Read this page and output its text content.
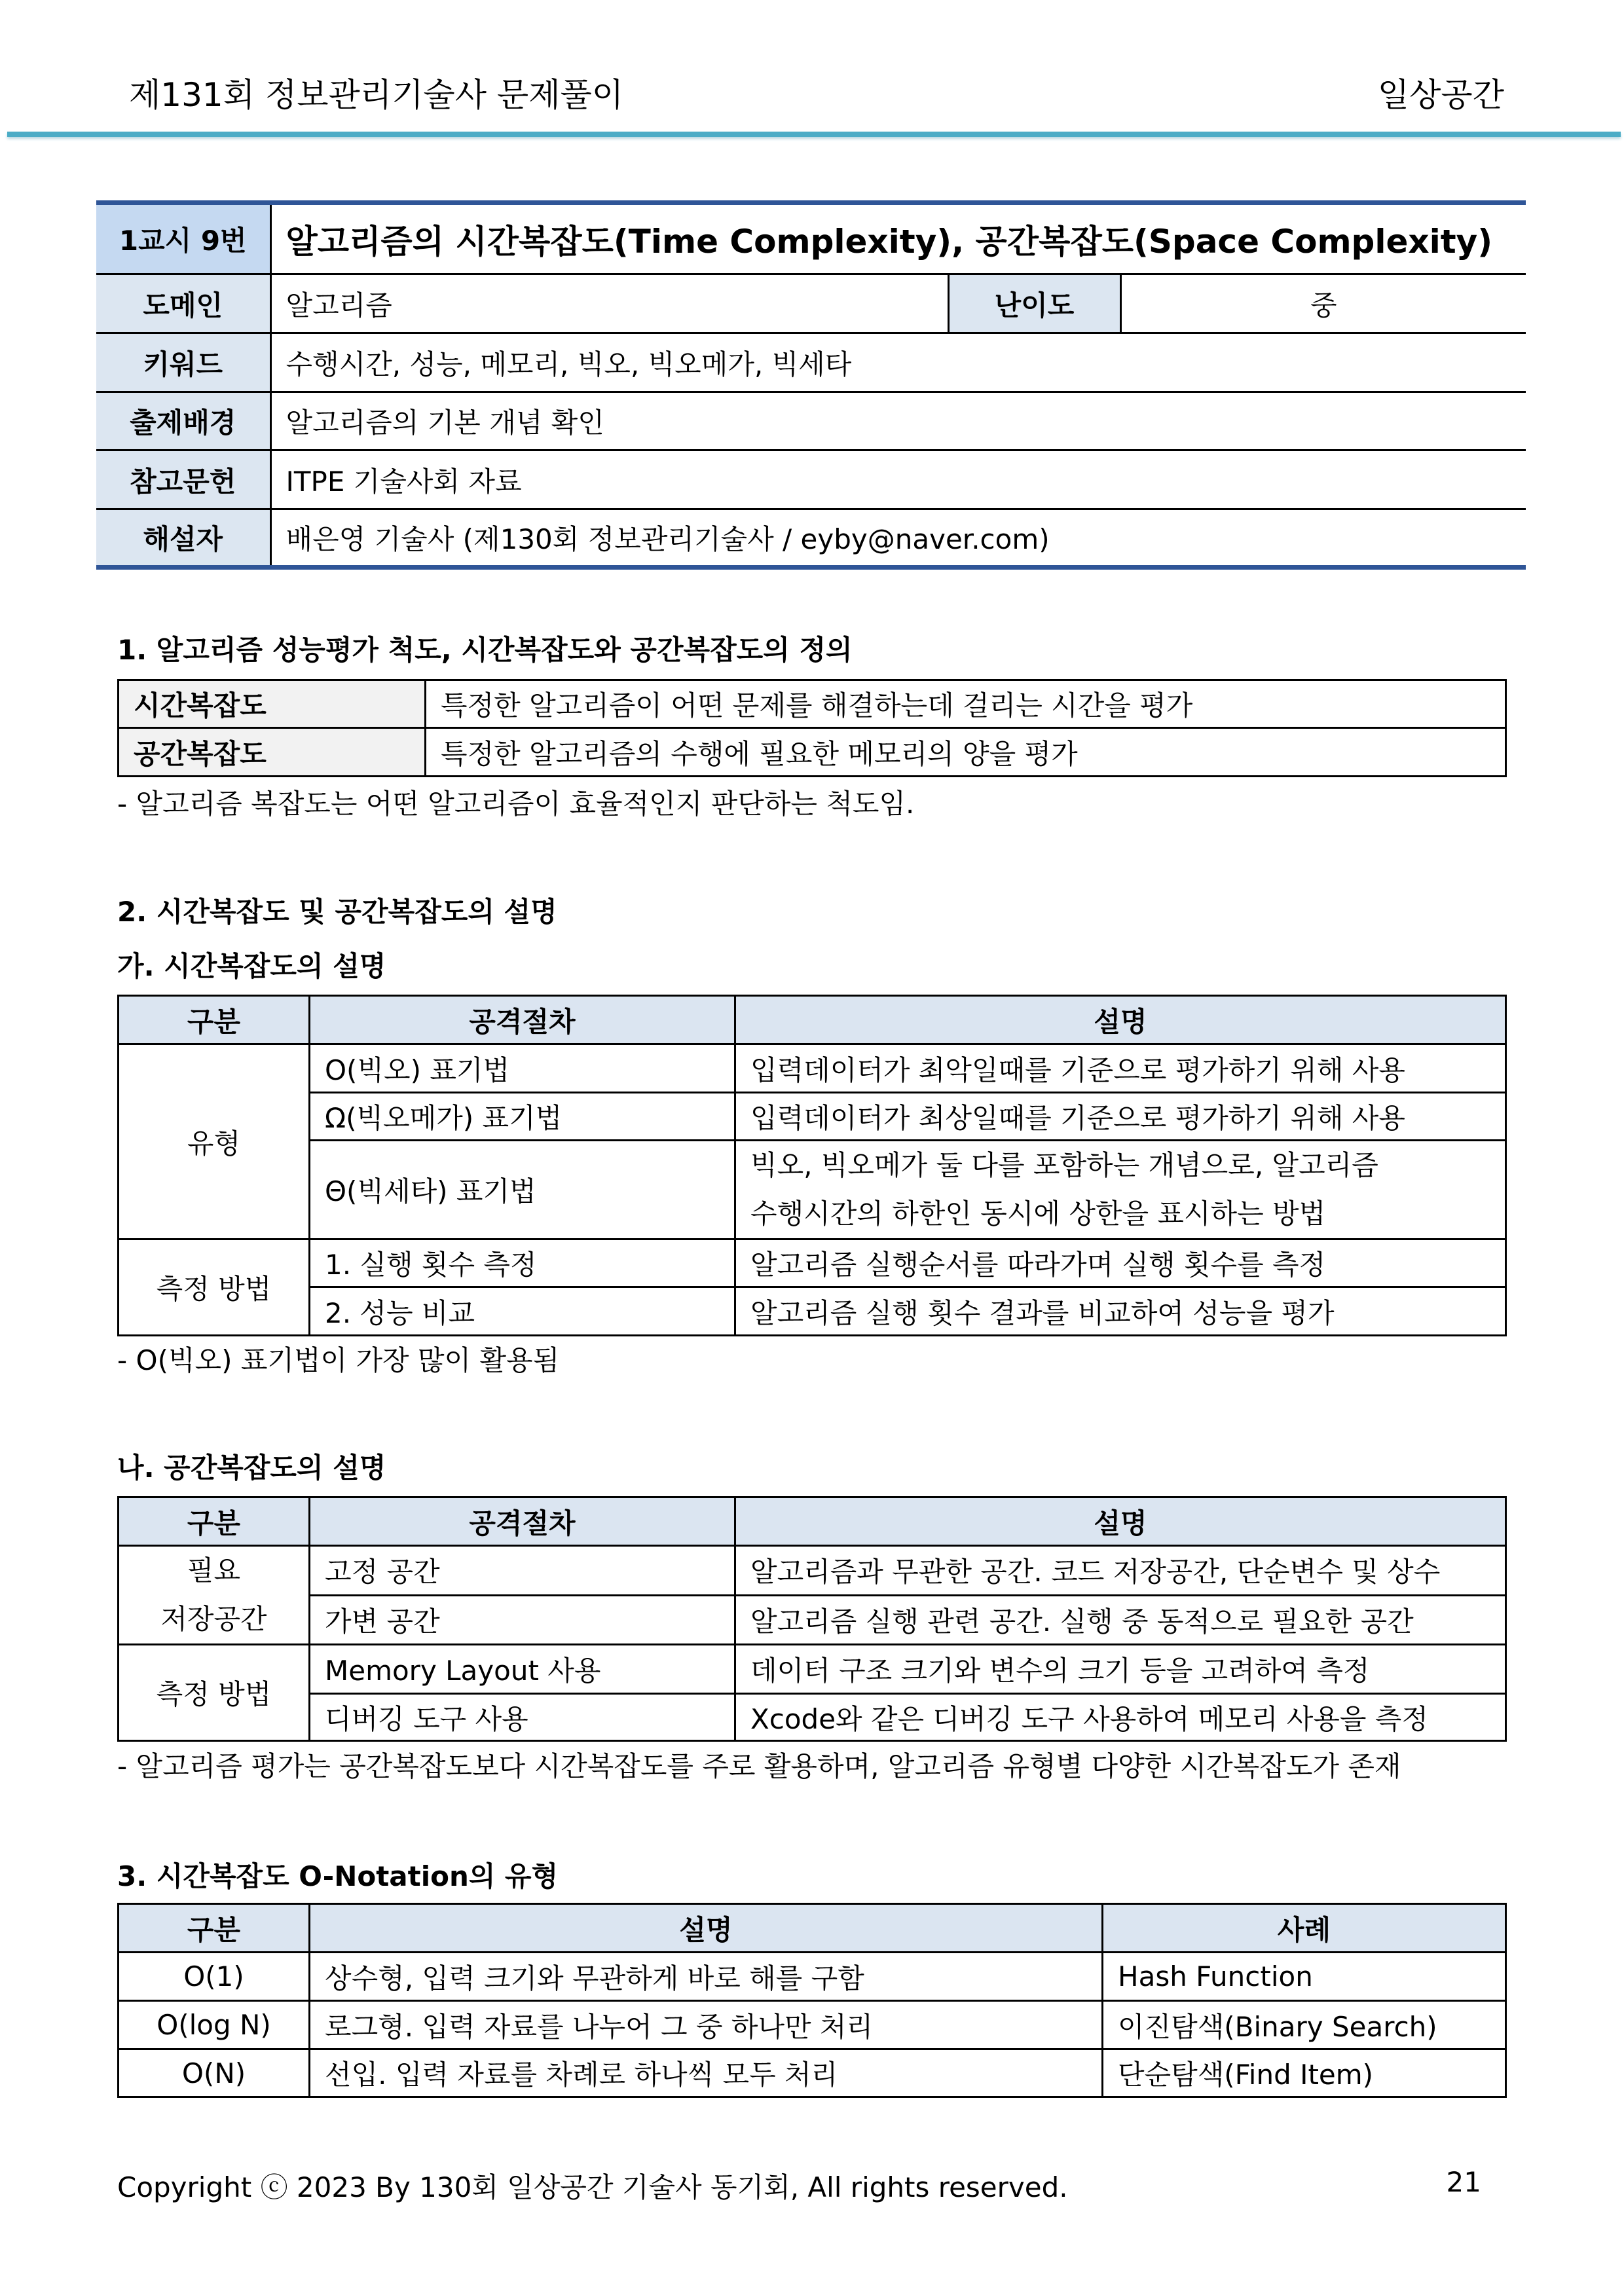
제131회 정보관리기술사 문제풀이	일상공간
1교시 9번	알고리즘의 시간복잡도(Time Complexity), 공간복잡도(Space Complexity)		
도메인	알고리즘	난이도	중
키워드	수행시간, 성능, 메모리, 빅오, 빅오메가, 빅세타		
출제배경	알고리즘의 기본 개념 확인		
참고문헌	ITPE 기술사회 자료		
해설자	배은영 기술사 (제130회 정보관리기술사 / eyby@naver.com)		
1. 알고리즘 성능평가 척도, 시간복잡도와 공간복잡도의 정의
시간복잡도	특정한 알고리즘이 어떤 문제를 해결하는데 걸리는 시간을 평가
공간복잡도	특정한 알고리즘의 수행에 필요한 메모리의 양을 평가
- 알고리즘 복잡도는 어떤 알고리즘이 효율적인지 판단하는 척도임.
2. 시간복잡도 및 공간복잡도의 설명
가. 시간복잡도의 설명
구분	공격절차	설명
유형	O(빅오) 표기법	입력데이터가 최악일때를 기준으로 평가하기 위해 사용
	Ω(빅오메가) 표기법	입력데이터가 최상일때를 기준으로 평가하기 위해 사용
	Θ(빅세타) 표기법	빅오, 빅오메가 둘 다를 포함하는 개념으로, 알고리즘
수행시간의 하한인 동시에 상한을 표시하는 방법

측정 방법	1. 실행 횟수 측정	알고리즘 실행순서를 따라가며 실행 횟수를 측정
	2. 성능 비교	알고리즘 실행 횟수 결과를 비교하여 성능을 평가
- O(빅오) 표기법이 가장 많이 활용됨
나. 공간복잡도의 설명
구분	공격절차	설명

필요
저장공간	고정 공간	알고리즘과 무관한 공간. 코드 저장공간, 단순변수 및 상수
	가변 공간	알고리즘 실행 관련 공간. 실행 중 동적으로 필요한 공간
측정 방법	Memory Layout 사용	데이터 구조 크기와 변수의 크기 등을 고려하여 측정
	디버깅 도구 사용	Xcode와 같은 디버깅 도구 사용하여 메모리 사용을 측정
- 알고리즘 평가는 공간복잡도보다 시간복잡도를 주로 활용하며, 알고리즘 유형별 다양한 시간복잡도가 존재
3. 시간복잡도 O-Notation의 유형
구분	설명	사례
O(1)	상수형, 입력 크기와 무관하게 바로 해를 구함	Hash Function
O(log N)	로그형. 입력 자료를 나누어 그 중 하나만 처리	이진탐색(Binary Search)
O(N)	선입. 입력 자료를 차례로 하나씩 모두 처리	단순탐색(Find Item)
Copyright ⓒ 2023 By 130회 일상공간 기술사 동기회, All rights reserved.	21
